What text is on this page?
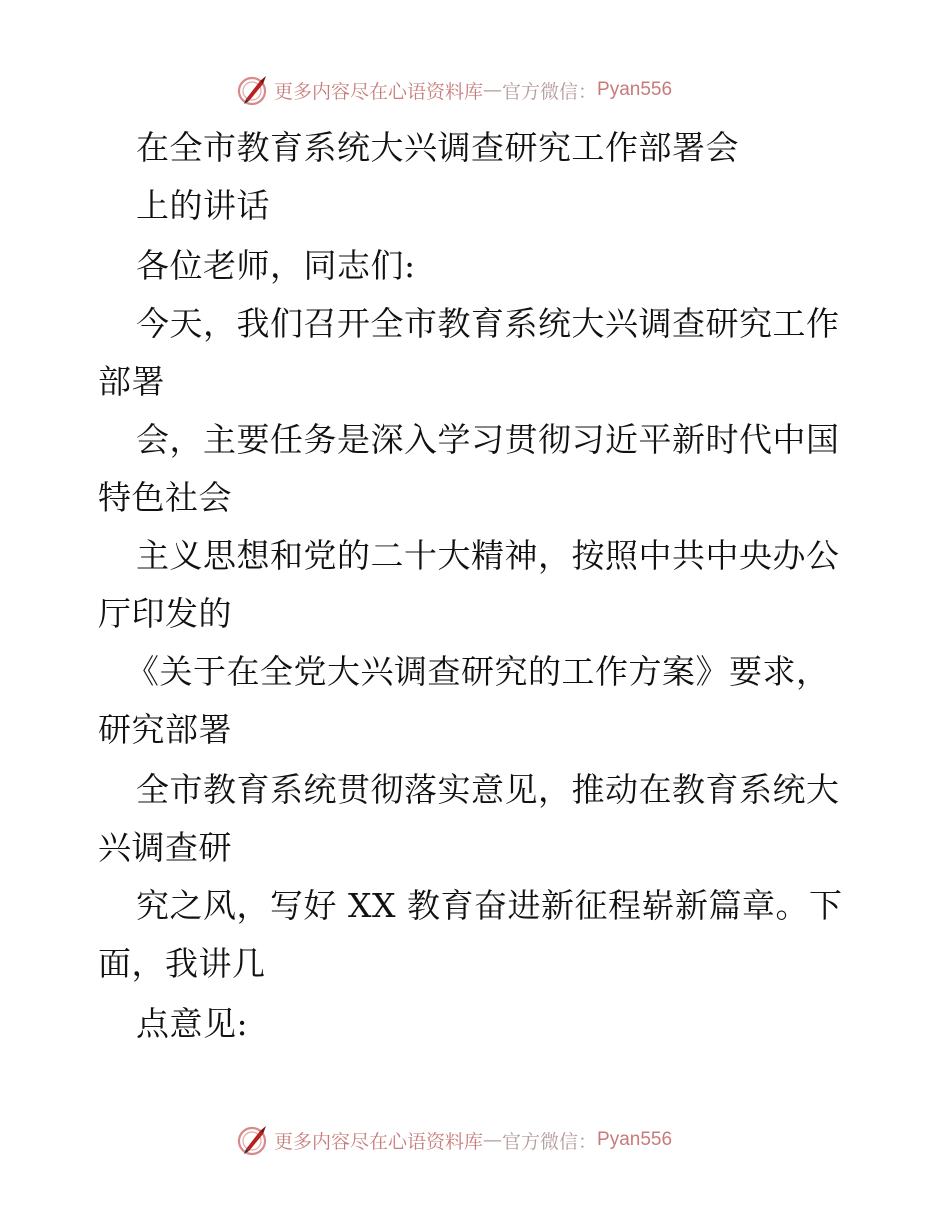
更多内容尽在心语资料库 — 官方微信： Pyan556
在全市教育系统大兴调查研究工作部署会
上的讲话
各位老师，同志们:
今天，我们召开全市教育系统大兴调查研究工作
部署
会，主要任务是深入学习贯彻习近平新时代中国
特色社会
主义思想和党的二十大精神，按照中共中央办公
厅印发的
《关于在全党大兴调查研究的工作方案》要求，
研究部署
全市教育系统贯彻落实意见，推动在教育系统大
兴调查研
究之风，写好 XX 教育奋进新征程崭新篇章。下
面，我讲几
点意见:
更多内容尽在心语资料库 — 官方微信： Pyan556
